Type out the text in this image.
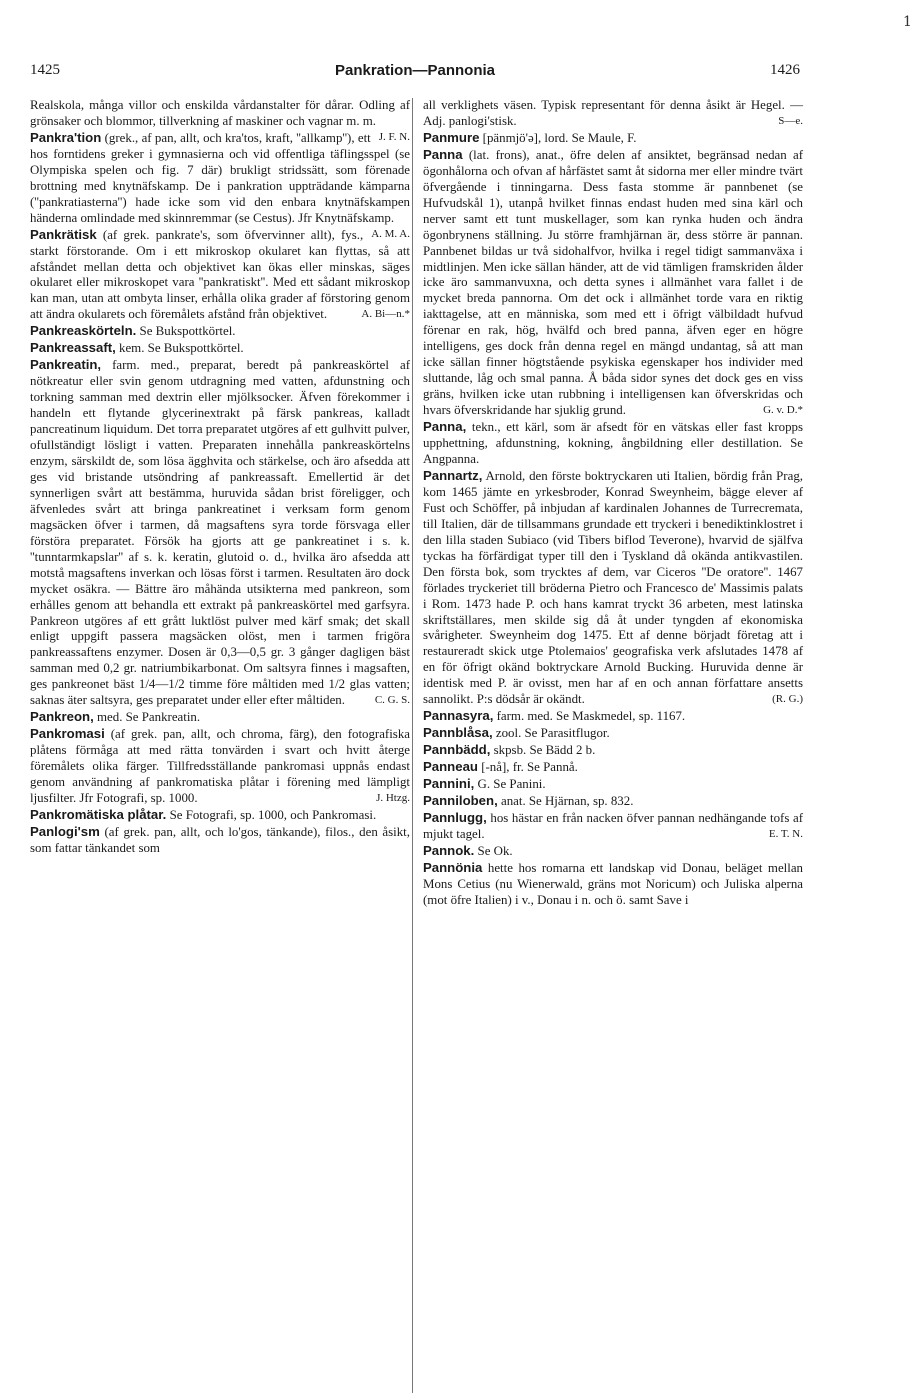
1
1425	Pankration—Pannonia	1426

Realskola, många villor och enskilda vårdanstalter för dårar. Odling af grönsaker och blommor, tillverkning af maskiner och vagnar m. m.
J. F. N.

Pankra'tion (grek., af pan, allt, och kra'tos, kraft, ''allkamp''), ett hos forntidens greker i gymnasierna och vid offentliga täflingsspel (se Olympiska spelen och fig. 7 där) brukligt stridssätt, som förenade brottning med knytnäfskamp. De i pankration uppträdande kämparna (''pankratiasterna'') hade icke som vid den enbara knytnäfskampen händerna omlindade med skinnremmar (se Cestus). Jfr Knytnäfskamp.
A. M. A.

Pankrätisk (af grek. pankrate's, som öfvervinner allt), fys., starkt förstorande. Om i ett mikroskop okularet kan flyttas, så att afståndet mellan detta och objektivet kan ökas eller minskas, säges okularet eller mikroskopet vara ''pankratiskt''. Med ett sådant mikroskop kan man, utan att ombyta linser, erhålla olika grader af förstoring genom att ändra okularets och föremålets afstånd från objektivet.	A. Bi—n.*

Pankreaskörteln. Se Bukspottkörtel.

Pankreassaft, kem. Se Bukspottkörtel.

Pankreatin, farm. med., preparat, beredt på pankreaskörtel af nötkreatur eller svin genom utdragning med vatten, afdunstning och torkning samman med dextrin eller mjölksocker. Äfven förekommer i handeln ett flytande glycerinextrakt på färsk pankreas, kalladt pancreatinum liquidum. Det torra preparatet utgöres af ett gulhvitt pulver, ofullständigt lösligt i vatten. Preparaten innehålla pankreaskörtelns enzym, särskildt de, som lösa ägghvita och stärkelse, och äro afsedda att ges vid bristande utsöndring af pankreassaft. Emellertid är det synnerligen svårt att bestämma, huruvida sådan brist föreligger, och äfvenledes svårt att bringa pankreatinet i verksam form genom magsäcken öfver i tarmen, då magsaftens syra torde försvaga eller förstöra preparatet. Försök ha gjorts att ge pankreatinet i s. k. ''tunntarmkapslar'' af s. k. keratin, glutoid o. d., hvilka äro afsedda att motstå magsaftens inverkan och lösas först i tarmen. Resultaten äro dock mycket osäkra. — Bättre äro måhända utsikterna med pankreon, som erhålles genom att behandla ett extrakt på pankreaskörtel med garfsyra. Pankreon utgöres af ett grått luktlöst pulver med kärf smak; det skall enligt uppgift passera magsäcken olöst, men i tarmen frigöra pankreassaftens enzymer. Dosen är 0,3—0,5 gr. 3 gånger dagligen bäst samman med 0,2 gr. natriumbikarbonat. Om saltsyra finnes i magsaften, ges pankreonet bäst 1/4—1/2 timme före måltiden med 1/2 glas vatten; saknas äter saltsyra, ges preparatet under eller efter måltiden.	C. G. S.

Pankreon, med. Se Pankreatin.

Pankromasi (af grek. pan, allt, och chroma, färg), den fotografiska plåtens förmåga att med rätta tonvärden i svart och hvitt återge föremålets olika färger. Tillfredsställande pankromasi uppnås endast genom användning af pankromatiska plåtar i förening med lämpligt ljusfilter. Jfr Fotografi, sp. 1000.	J. Htzg.

Pankromätiska plåtar. Se Fotografi, sp. 1000, och Pankromasi.

Panlogi'sm (af grek. pan, allt, och lo'gos, tänkande), filos., den åsikt, som fattar tänkandet som

all verklighets väsen. Typisk representant för denna åsikt är Hegel. — Adj. panlogi'stisk.	S—e.

Panmure [pänmjö'ə], lord. Se Maule, F.

Panna (lat. frons), anat., öfre delen af ansiktet, begränsad nedan af ögonhålorna och ofvan af hårfästet samt åt sidorna mer eller mindre tvärt öfvergående i tinningarna. Dess fasta stomme är pannbenet (se Hufvudskål 1), utanpå hvilket finnas endast huden med sina kärl och nerver samt ett tunt muskellager, som kan rynka huden och ändra ögonbrynens ställning. Ju större framhjärnan är, dess större är pannan. Pannbenet bildas ur två sidohalfvor, hvilka i regel tidigt sammanväxa i midtlinjen. Men icke sällan händer, att de vid tämligen framskriden ålder icke äro sammanvuxna, och detta synes i allmänhet vara fallet i de mycket breda pannorna. Om det ock i allmänhet torde vara en riktig iakttagelse, att en människa, som med ett i öfrigt välbildadt hufvud förenar en rak, hög, hvälfd och bred panna, äfven eger en högre intelligens, ges dock från denna regel en mängd undantag, så att man icke sällan finner högtstående psykiska egenskaper hos individer med sluttande, låg och smal panna. Å båda sidor synes det dock ges en viss gräns, hvilken icke utan rubbning i intelligensen kan öfverskridas och hvars öfverskridande har sjuklig grund.	G. v. D.*

Panna, tekn., ett kärl, som är afsedt för en vätskas eller fast kropps upphettning, afdunstning, kokning, ångbildning eller destillation. Se Angpanna.

Pannartz, Arnold, den förste boktryckaren uti Italien, bördig från Prag, kom 1465 jämte en yrkesbroder, Konrad Sweynheim, bägge elever af Fust och Schöffer, på inbjudan af kardinalen Johannes de Turrecremata, till Italien, där de tillsammans grundade ett tryckeri i benediktinklostret i den lilla staden Subiaco (vid Tibers biflod Teverone), hvarvid de själfva tyckas ha förfärdigat typer till den i Tyskland då okända antikvastilen. Den första bok, som trycktes af dem, var Ciceros ''De oratore''. 1467 förlades tryckeriet till bröderna Pietro och Francesco de' Massimis palats i Rom. 1473 hade P. och hans kamrat tryckt 36 arbeten, mest latinska skriftställares, men skilde sig då åt under tyngden af ekonomiska svårigheter. Sweynheim dog 1475. Ett af denne börjadt företag att i restaureradt skick utge Ptolemaios' geografiska verk afslutades 1478 af en för öfrigt okänd boktryckare Arnold Bucking. Huruvida denne är identisk med P. är ovisst, men har af en och annan författare ansetts sannolikt. P:s dödsår är okändt.	(R. G.)

Pannasyra, farm. med. Se Maskmedel, sp. 1167.

Pannblåsa, zool. Se Parasitflugor.

Pannbädd, skpsb. Se Bädd 2 b.

Panneau [-nå], fr. Se Pannå.

Pannini, G. Se Panini.

Panniloben, anat. Se Hjärnan, sp. 832.

Pannlugg, hos hästar en från nacken öfver pannan nedhängande tofs af mjukt tagel.	E. T. N.

Pannok. Se Ok.

Pannönia hette hos romarna ett landskap vid Donau, beläget mellan Mons Cetius (nu Wienerwald, gräns mot Noricum) och Juliska alperna (mot öfre Italien) i v., Donau i n. och ö. samt Save i
